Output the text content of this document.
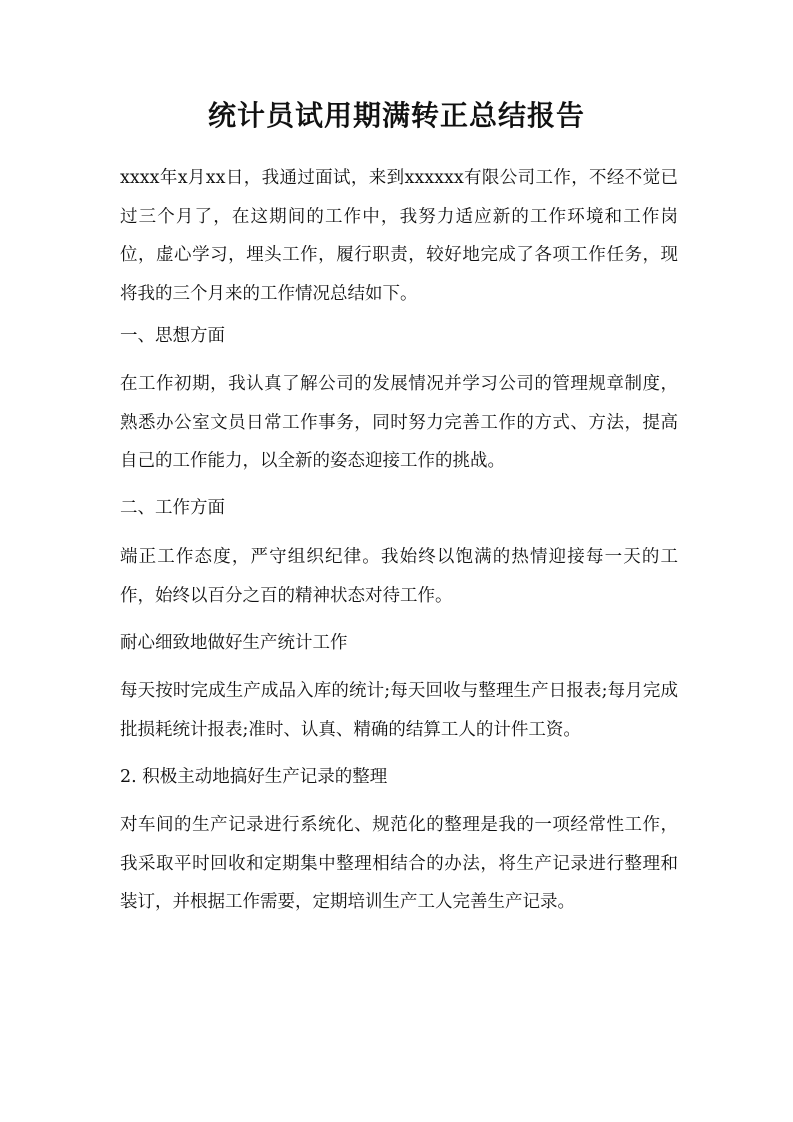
统计员试用期满转正总结报告

xxxx年x月xx日，我通过面试，来到xxxxxx有限公司工作，不经不觉已过三个月了，在这期间的工作中，我努力适应新的工作环境和工作岗位，虚心学习，埋头工作，履行职责，较好地完成了各项工作任务，现将我的三个月来的工作情况总结如下。

一、思想方面

在工作初期，我认真了解公司的发展情况并学习公司的管理规章制度，熟悉办公室文员日常工作事务，同时努力完善工作的方式、方法，提高自己的工作能力，以全新的姿态迎接工作的挑战。

二、工作方面

端正工作态度，严守组织纪律。我始终以饱满的热情迎接每一天的工作，始终以百分之百的精神状态对待工作。

耐心细致地做好生产统计工作

每天按时完成生产成品入库的统计;每天回收与整理生产日报表;每月完成批损耗统计报表;准时、认真、精确的结算工人的计件工资。

2. 积极主动地搞好生产记录的整理

对车间的生产记录进行系统化、规范化的整理是我的一项经常性工作，我采取平时回收和定期集中整理相结合的办法，将生产记录进行整理和装订，并根据工作需要，定期培训生产工人完善生产记录。
